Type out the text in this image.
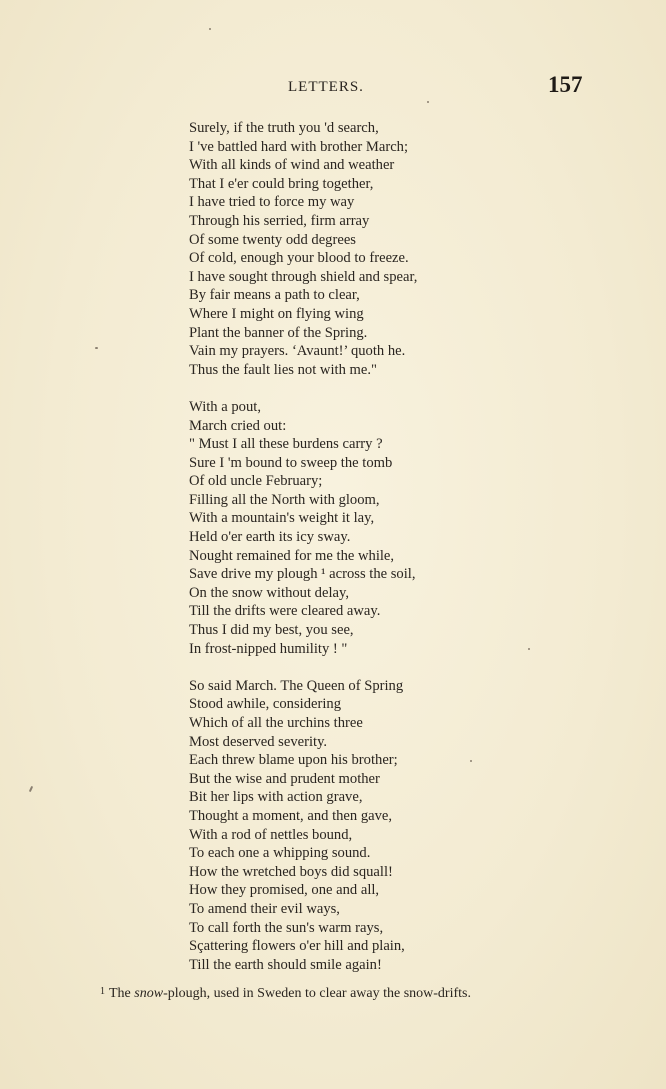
LETTERS.	157
Surely, if the truth you 'd search,
I 've battled hard with brother March;
With all kinds of wind and weather
That I e'er could bring together,
I have tried to force my way
Through his serried, firm array
Of some twenty odd degrees
Of cold, enough your blood to freeze.
I have sought through shield and spear,
By fair means a path to clear,
Where I might on flying wing
Plant the banner of the Spring.
Vain my prayers. ‘Avaunt!’ quoth he.
Thus the fault lies not with me."
With a pout,
March cried out:
" Must I all these burdens carry ?
Sure I 'm bound to sweep the tomb
Of old uncle February;
Filling all the North with gloom,
With a mountain's weight it lay,
Held o'er earth its icy sway.
Nought remained for me the while,
Save drive my plough ¹ across the soil,
On the snow without delay,
Till the drifts were cleared away.
Thus I did my best, you see,
In frost-nipped humility ! "
So said March. The Queen of Spring
Stood awhile, considering
Which of all the urchins three
Most deserved severity.
Each threw blame upon his brother;
But the wise and prudent mother
Bit her lips with action grave,
Thought a moment, and then gave,
With a rod of nettles bound,
To each one a whipping sound.
How the wretched boys did squall!
How they promised, one and all,
To amend their evil ways,
To call forth the sun's warm rays,
Sçattering flowers o'er hill and plain,
Till the earth should smile again!
$^1$ The snow-plough, used in Sweden to clear away the snow-drifts.
